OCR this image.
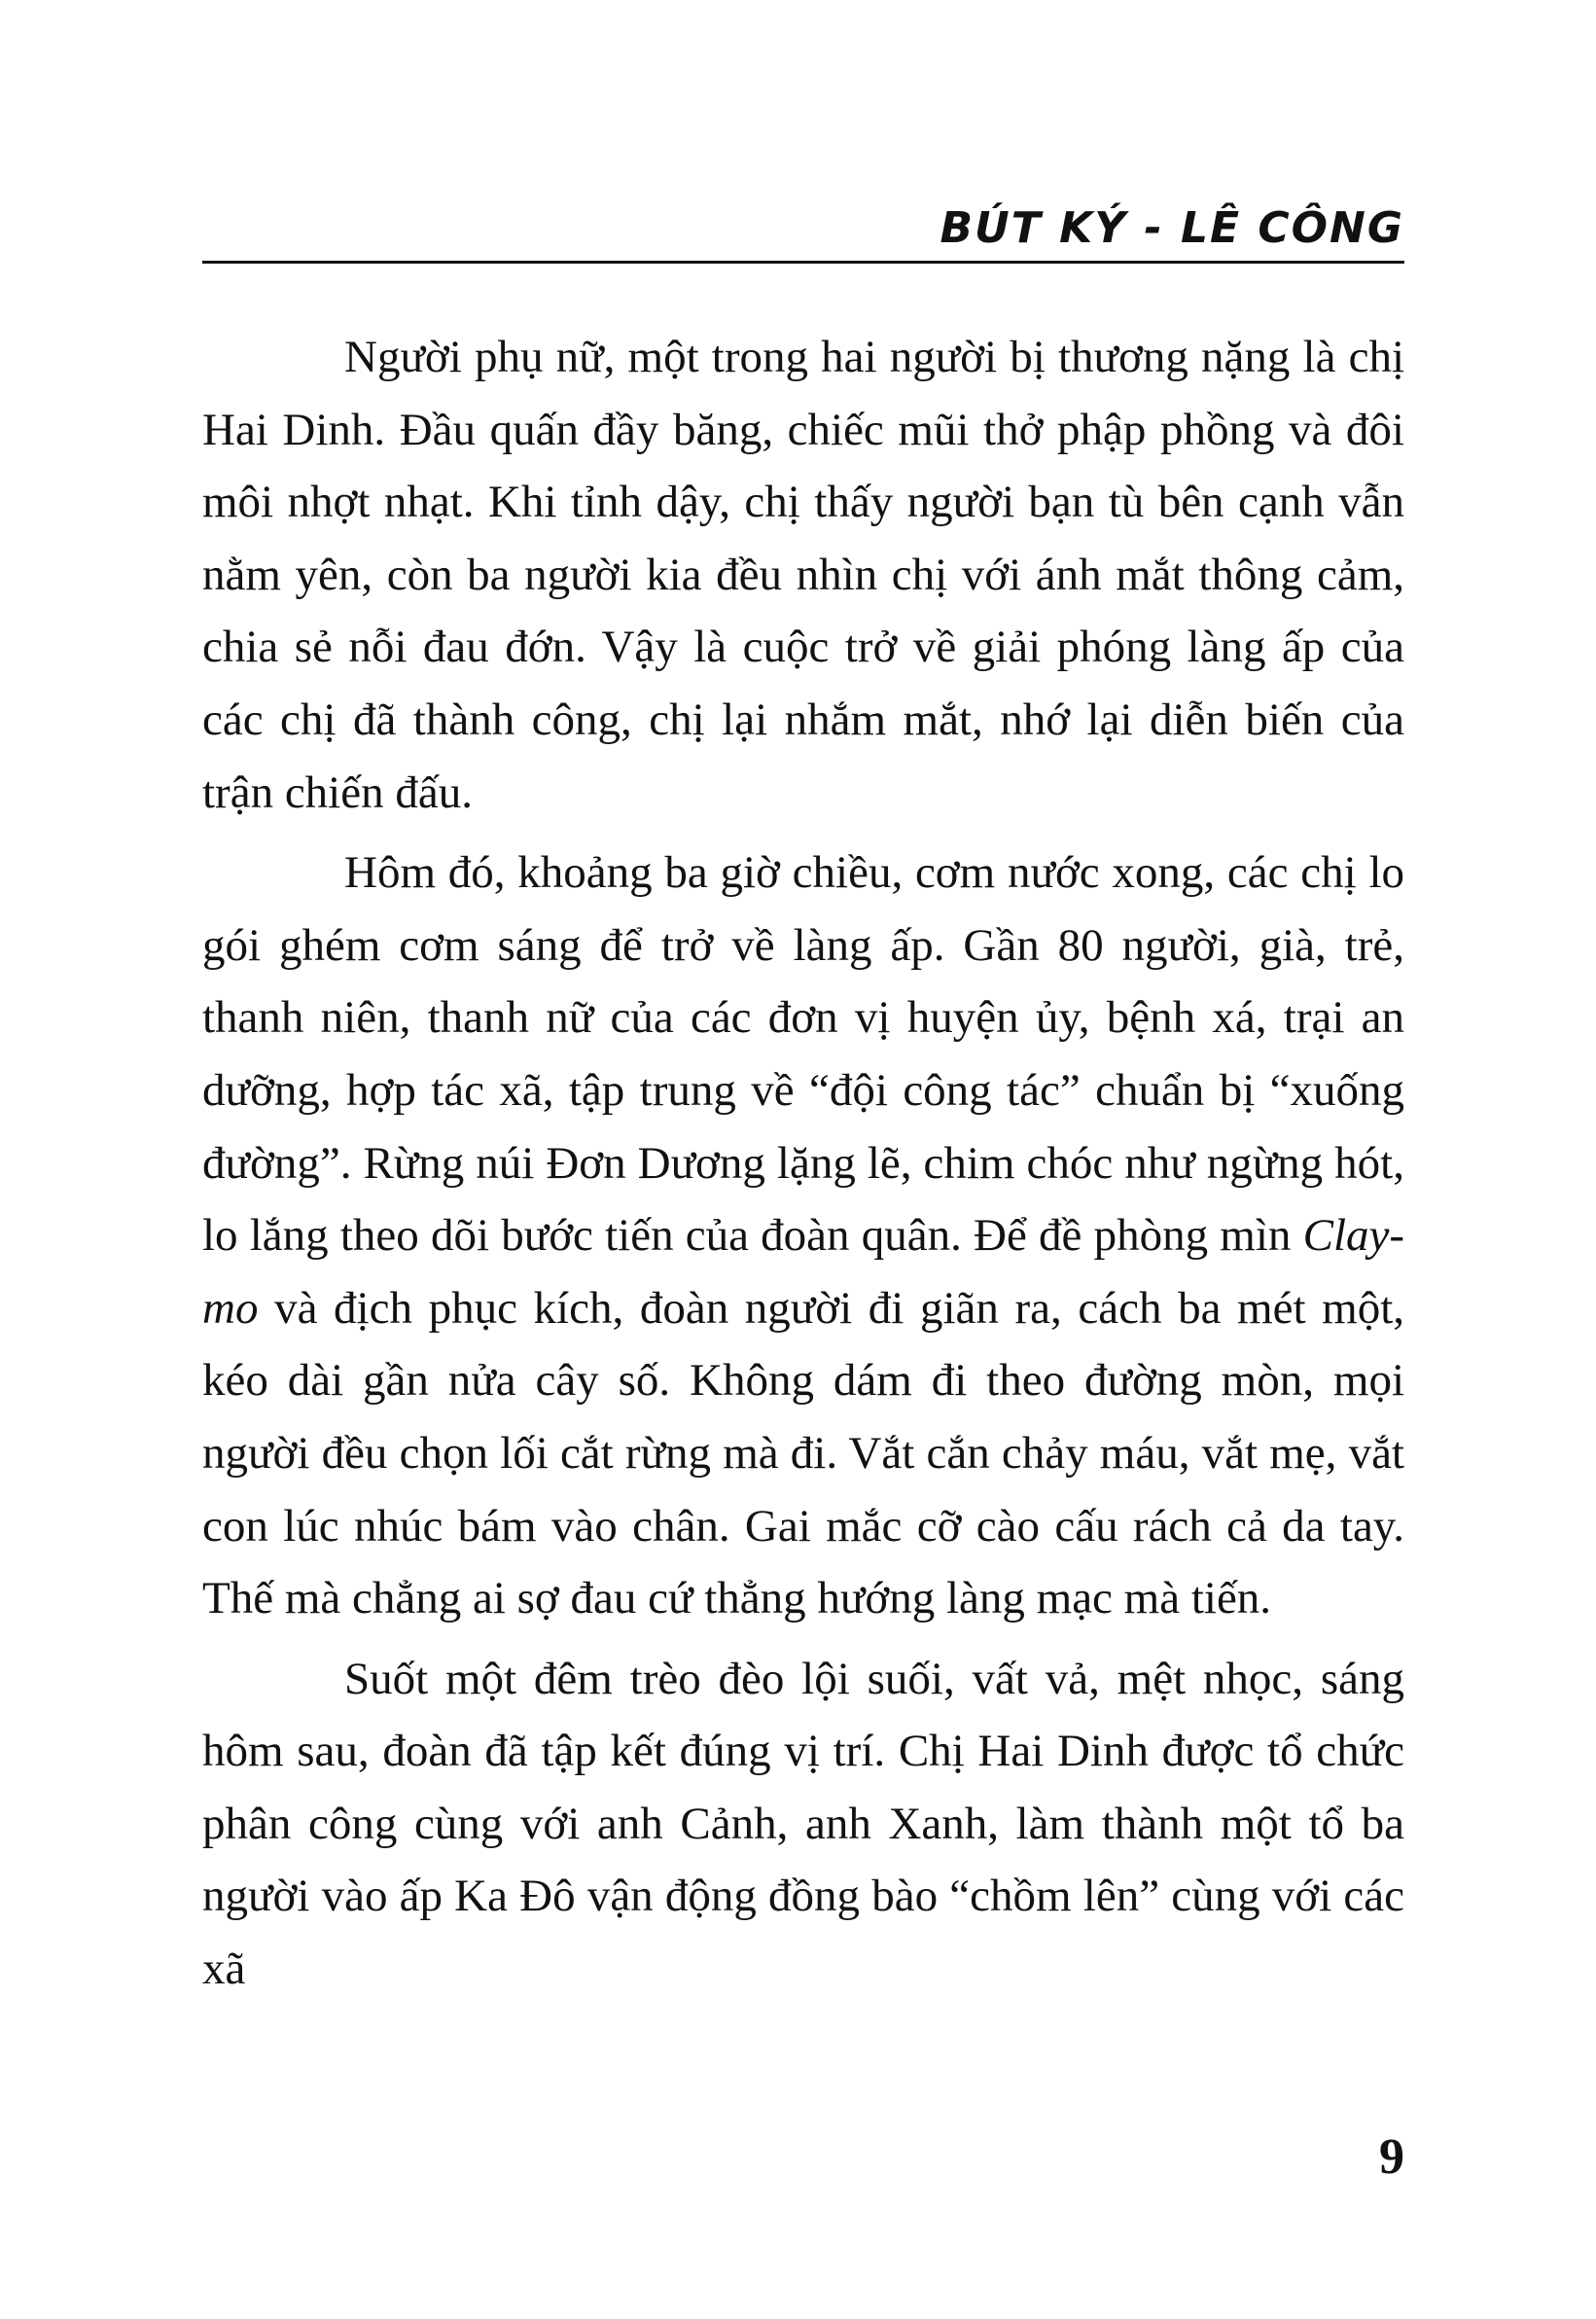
BÚT KÝ - LÊ CÔNG

Người phụ nữ, một trong hai người bị thương nặng là chị Hai Dinh. Đầu quấn đầy băng, chiếc mũi thở phập phồng và đôi môi nhợt nhạt. Khi tỉnh dậy, chị thấy người bạn tù bên cạnh vẫn nằm yên, còn ba người kia đều nhìn chị với ánh mắt thông cảm, chia sẻ nỗi đau đớn. Vậy là cuộc trở về giải phóng làng ấp của các chị đã thành công, chị lại nhắm mắt, nhớ lại diễn biến của trận chiến đấu.

Hôm đó, khoảng ba giờ chiều, cơm nước xong, các chị lo gói ghém cơm sáng để trở về làng ấp. Gần 80 người, già, trẻ, thanh niên, thanh nữ của các đơn vị huyện ủy, bệnh xá, trại an dưỡng, hợp tác xã, tập trung về “đội công tác” chuẩn bị “xuống đường”. Rừng núi Đơn Dương lặng lẽ, chim chóc như ngừng hót, lo lắng theo dõi bước tiến của đoàn quân. Để đề phòng mìn Clay-mo và địch phục kích, đoàn người đi giãn ra, cách ba mét một, kéo dài gần nửa cây số. Không dám đi theo đường mòn, mọi người đều chọn lối cắt rừng mà đi. Vắt cắn chảy máu, vắt mẹ, vắt con lúc nhúc bám vào chân. Gai mắc cỡ cào cấu rách cả da tay. Thế mà chẳng ai sợ đau cứ thẳng hướng làng mạc mà tiến.

Suốt một đêm trèo đèo lội suối, vất vả, mệt nhọc, sáng hôm sau, đoàn đã tập kết đúng vị trí. Chị Hai Dinh được tổ chức phân công cùng với anh Cảnh, anh Xanh, làm thành một tổ ba người vào ấp Ka Đô vận động đồng bào “chồm lên” cùng với các xã

9
